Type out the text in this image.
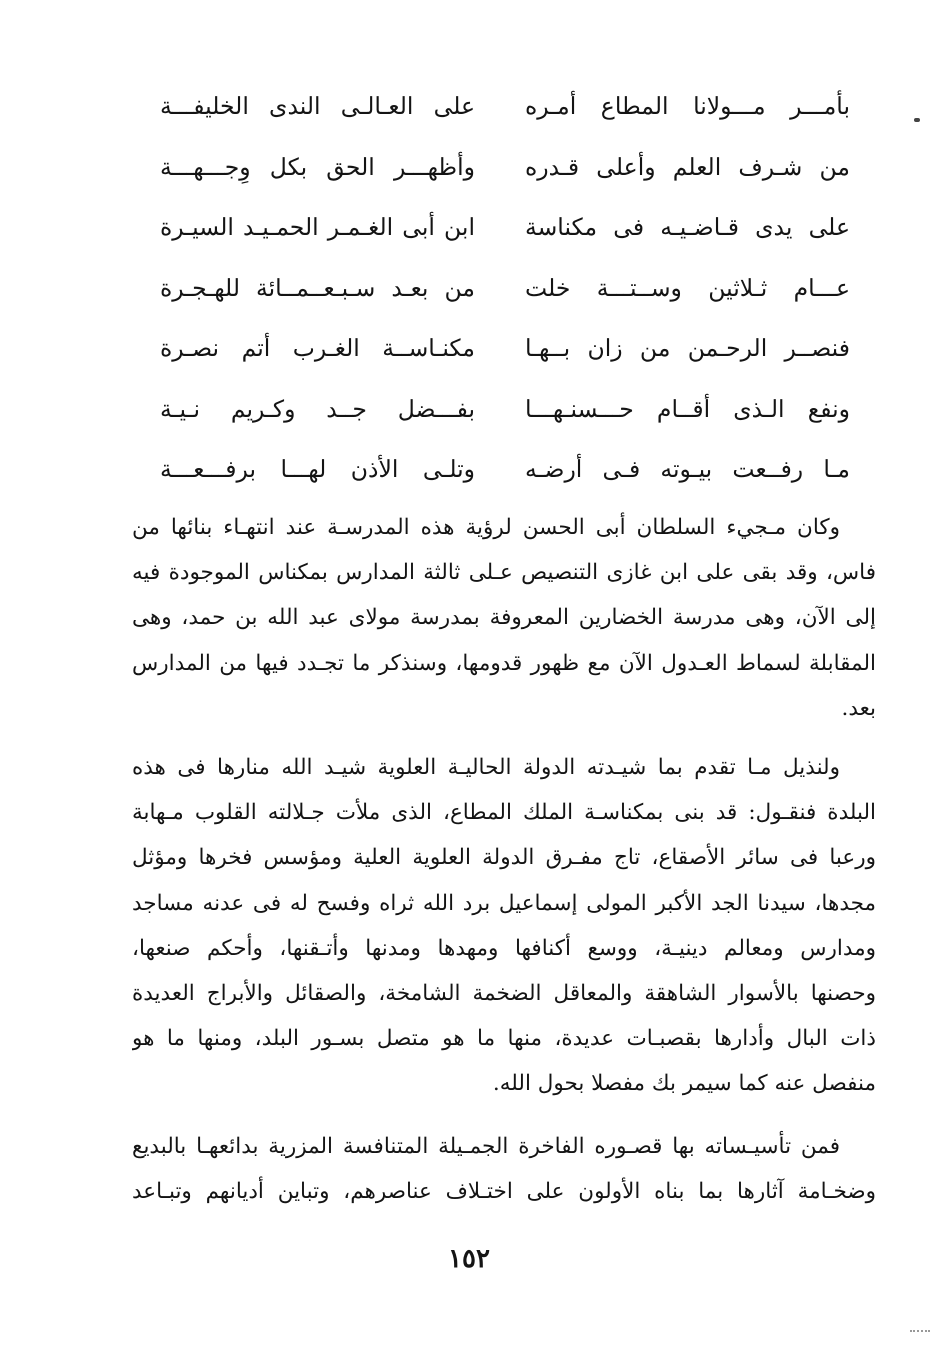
بأمـــر مـــولانا المطاع أمـره
على العـالـى الندى الخليفـــة
من شـرف العلم وأعلى قـدره
وأظهـــر الحق بكل وِجـــهـــة
على يدى قـاضـيـه فى مكناسة
ابن أبى الغـمـر الحمـيـد السيـرة
عـــام ثـلاثين وســتـــة خلت
من بعـد سـبـعــمــائة للهـجـرة
فنصــر الرحـمن من زان بــهـا
مكنـاســة الغـرب أتم نصـرة
ونفع الـذى أقــام حـــسنـهـــا
بفـــضل جــد وكـريم نـيـة
مـا رفــعت بيـوته فـى أرضـه
وتلـى الأذن لهـــا برفـــعـــة
وكان مـجيء السلطان أبى الحسن لرؤية هذه المدرسـة عند انتهـاء بنائها من
فاس، وقد بقى على ابن غازى التنصيص عـلى ثالثة المدارس بمكناس الموجودة فيه
إلى الآن، وهى مدرسة الخضارين المعروفة بمدرسة مولاى عبد الله بن حمد، وهى
المقابلة لسماط العـدول الآن مع ظهور قدومها، وسنذكر ما تجـدد فيها من المدارس
بعد.
ولنذيل مـا تقدم بما شيـدته الدولة الحاليـة العلوية شيـد الله منارها فى هذه
البلدة فنقـول: قد بنى بمكناسـة الملك المطاع، الذى ملأت جـلالته القلوب مـهابة
ورعبا فى سائر الأصقاع، تاج مفـرق الدولة العلوية العلية ومؤسس فخرها ومؤثل
مجدها، سيدنا الجد الأكبر المولى إسماعيل برد الله ثراه وفسح له فى عدنه مساجد
ومدارس ومعالم دينيـة، ووسع أكنافها ومهدها ومدنها وأتـقنها، وأحكم صنعها،
وحصنها بالأسوار الشاهقة والمعاقل الضخمة الشامخة، والصقائل والأبراج العديدة
ذات البال وأدارها بقصبـات عديدة، منها ما هو متصل بسـور البلد، ومنها ما هو
منفصل عنه كما سيمر بك مفصلا بحول الله.
فمن تأسيـساته بها قصـوره الفاخرة الجمـيلة المتنافسة المزرية بدائعهـا بالبديع
وضخـامة آثارها بما بناه الأولون على اختـلاف عناصرهم، وتباين أديانهم وتبـاعد
١٥٢
